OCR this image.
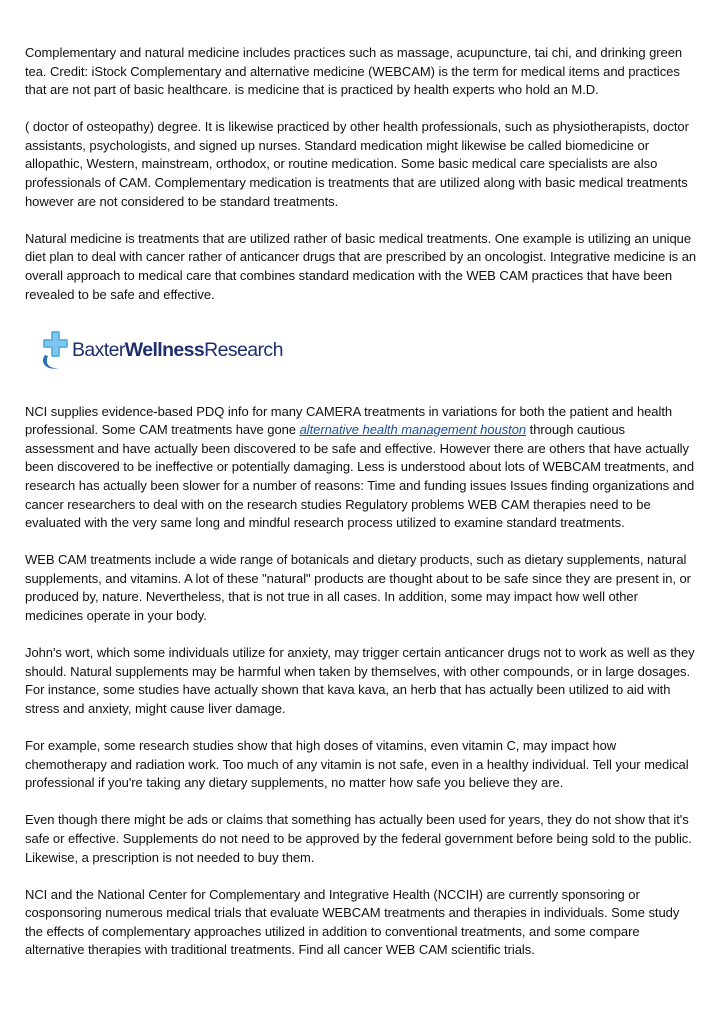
Complementary and natural medicine includes practices such as massage, acupuncture, tai chi, and drinking green tea. Credit: iStock Complementary and alternative medicine (WEBCAM) is the term for medical items and practices that are not part of basic healthcare. is medicine that is practiced by health experts who hold an M.D.

( doctor of osteopathy) degree. It is likewise practiced by other health professionals, such as physiotherapists, doctor assistants, psychologists, and signed up nurses. Standard medication might likewise be called biomedicine or allopathic, Western, mainstream, orthodox, or routine medication. Some basic medical care specialists are also professionals of CAM. Complementary medication is treatments that are utilized along with basic medical treatments however are not considered to be standard treatments.

Natural medicine is treatments that are utilized rather of basic medical treatments. One example is utilizing an unique diet plan to deal with cancer rather of anticancer drugs that are prescribed by an oncologist. Integrative medicine is an overall approach to medical care that combines standard medication with the WEB CAM practices that have been revealed to be safe and effective.

BaxterWellnessResearch

NCI supplies evidence-based PDQ info for many CAMERA treatments in variations for both the patient and health professional. Some CAM treatments have gone alternative health management houston through cautious assessment and have actually been discovered to be safe and effective. However there are others that have actually been discovered to be ineffective or potentially damaging. Less is understood about lots of WEBCAM treatments, and research has actually been slower for a number of reasons: Time and funding issues Issues finding organizations and cancer researchers to deal with on the research studies Regulatory problems WEB CAM therapies need to be evaluated with the very same long and mindful research process utilized to examine standard treatments.

WEB CAM treatments include a wide range of botanicals and dietary products, such as dietary supplements, natural supplements, and vitamins. A lot of these "natural" products are thought about to be safe since they are present in, or produced by, nature. Nevertheless, that is not true in all cases. In addition, some may impact how well other medicines operate in your body.

John's wort, which some individuals utilize for anxiety, may trigger certain anticancer drugs not to work as well as they should. Natural supplements may be harmful when taken by themselves, with other compounds, or in large dosages. For instance, some studies have actually shown that kava kava, an herb that has actually been utilized to aid with stress and anxiety, might cause liver damage.

For example, some research studies show that high doses of vitamins, even vitamin C, may impact how chemotherapy and radiation work. Too much of any vitamin is not safe, even in a healthy individual. Tell your medical professional if you're taking any dietary supplements, no matter how safe you believe they are.

Even though there might be ads or claims that something has actually been used for years, they do not show that it's safe or effective. Supplements do not need to be approved by the federal government before being sold to the public. Likewise, a prescription is not needed to buy them.

NCI and the National Center for Complementary and Integrative Health (NCCIH) are currently sponsoring or cosponsoring numerous medical trials that evaluate WEBCAM treatments and therapies in individuals. Some study the effects of complementary approaches utilized in addition to conventional treatments, and some compare alternative therapies with traditional treatments. Find all cancer WEB CAM scientific trials.
